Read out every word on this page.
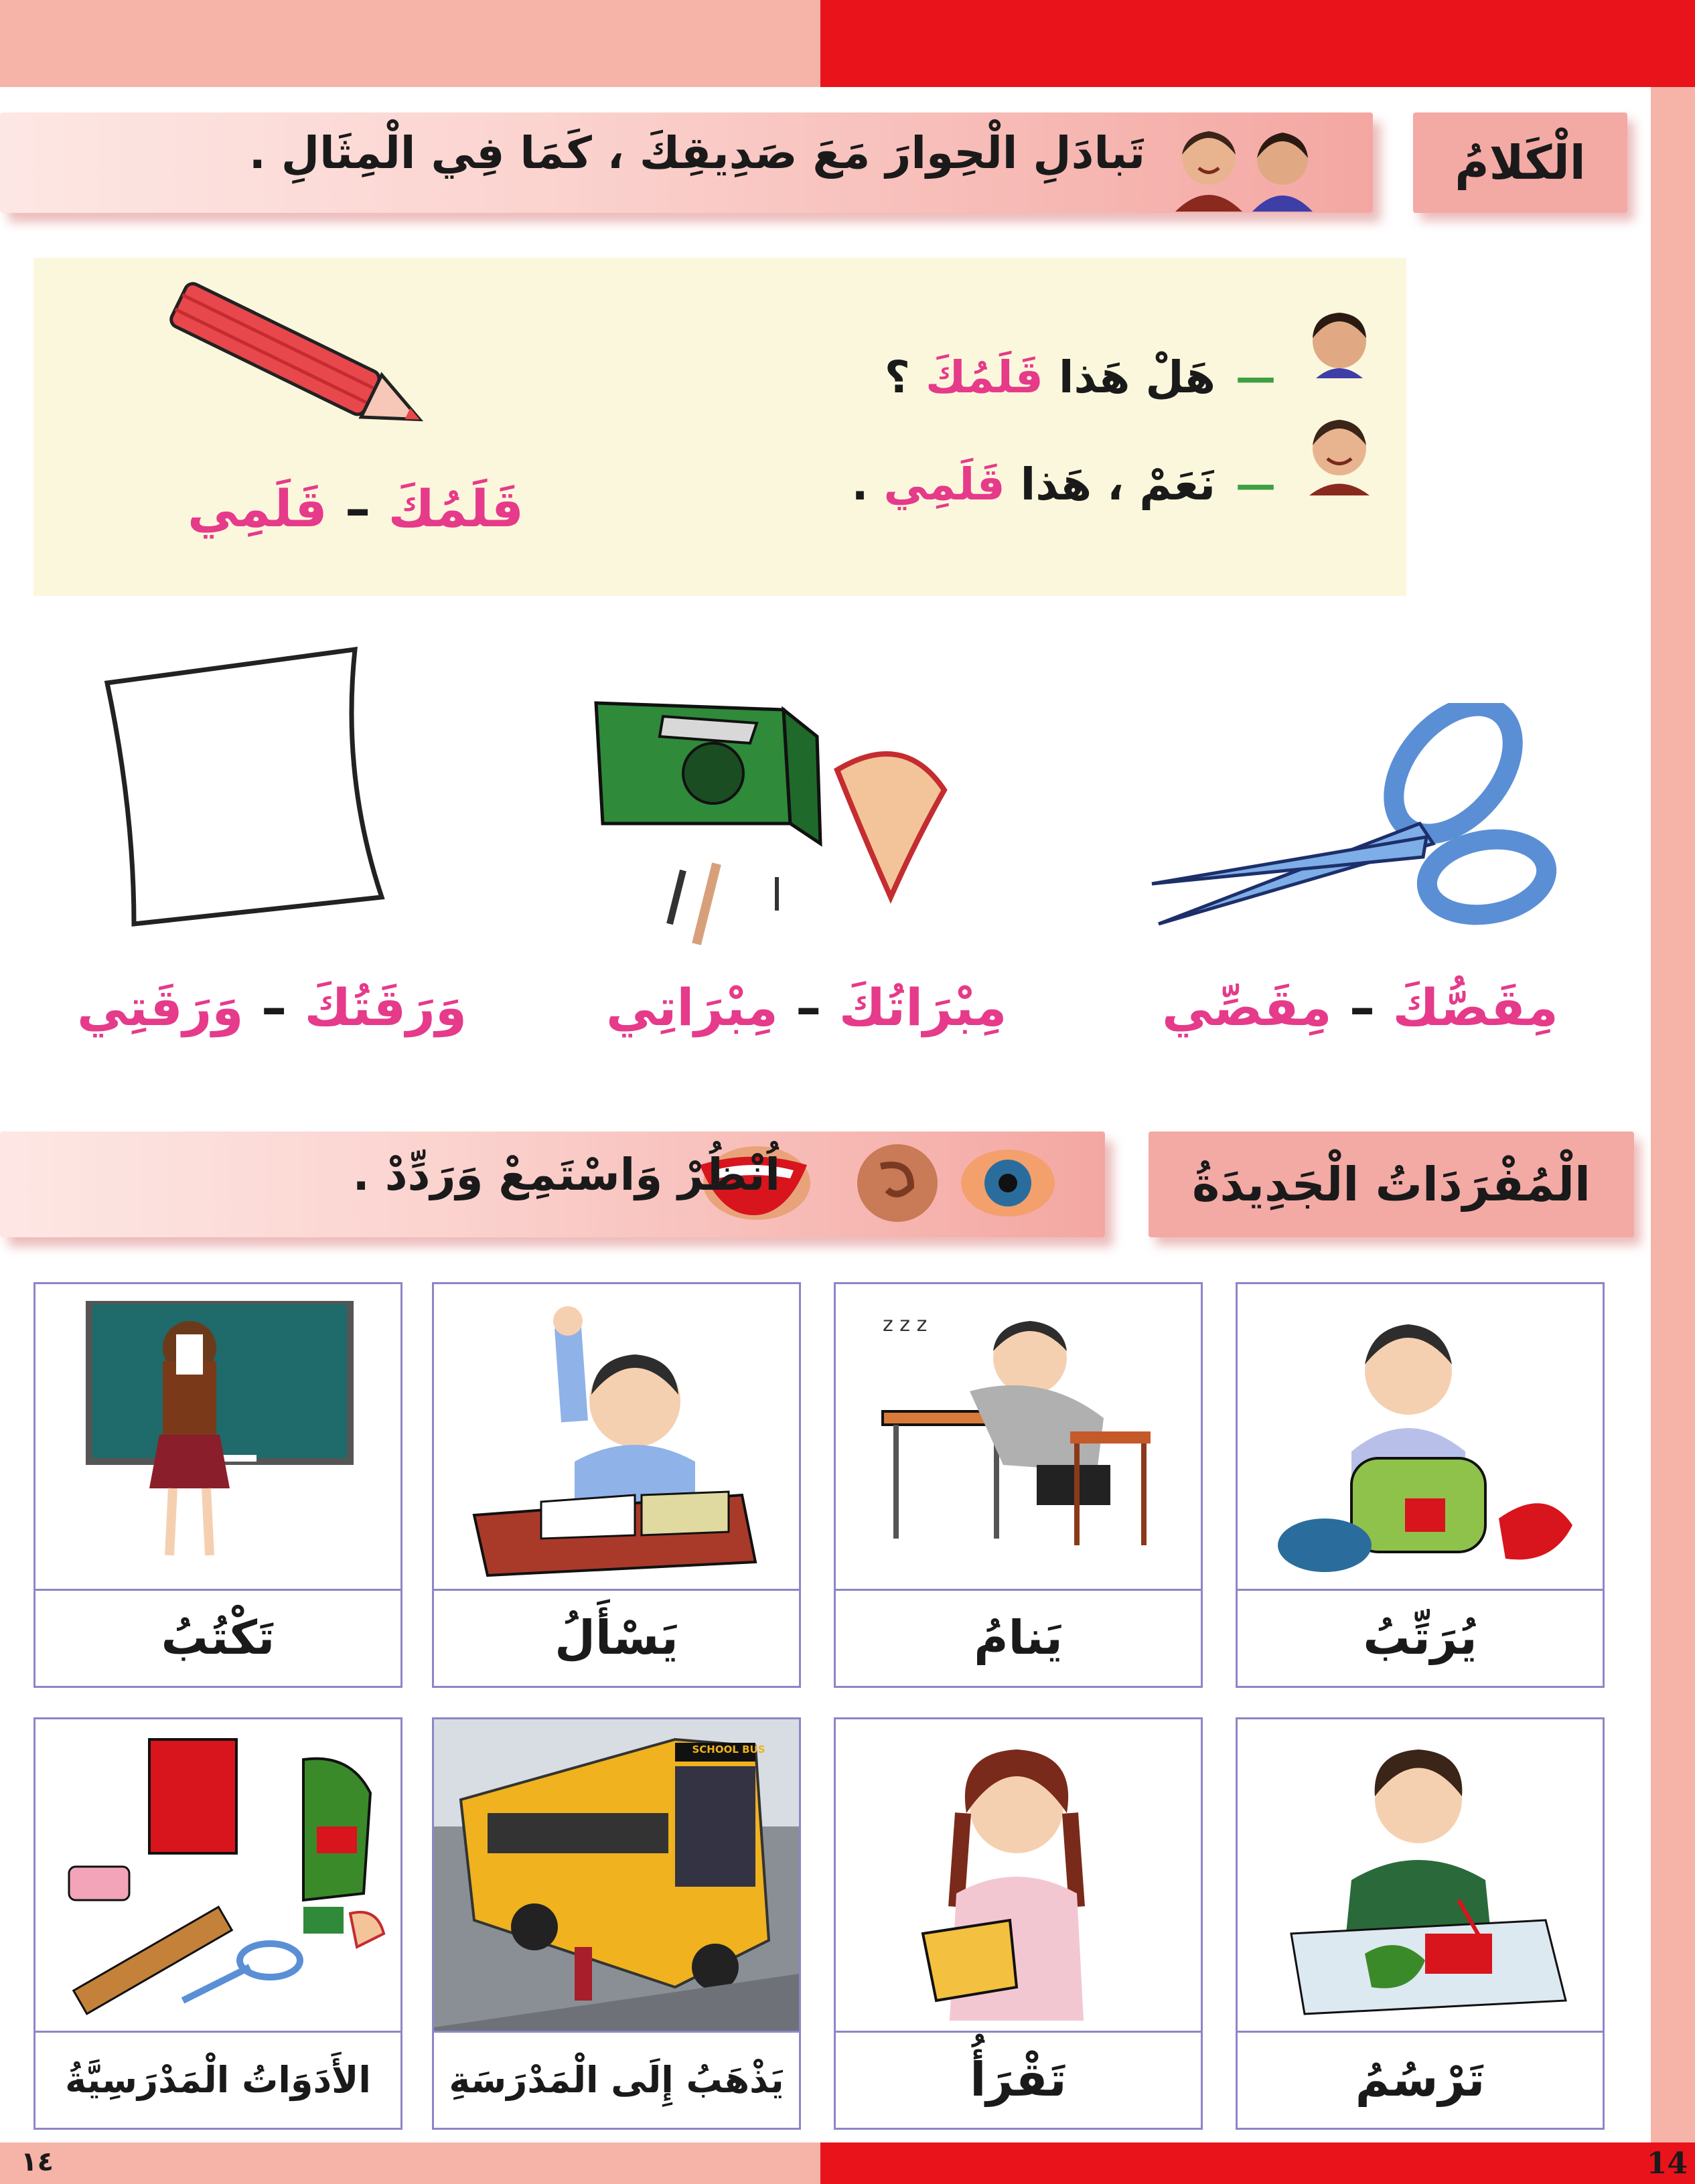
الْكَلامُ
تَبادَلِ الْحِوارَ مَعَ صَدِيقِكَ ، كَمَا فِي الْمِثَالِ .
—
هَلْ هَذا قَلَمُكَ ؟
—
نَعَمْ ، هَذا قَلَمِي .
قَلَمُكَ – قَلَمِي
مِقَصُّكَ – مِقَصِّي
مِبْرَاتُكَ – مِبْرَاتِي
وَرَقَتُكَ – وَرَقَتِي
الْمُفْرَدَاتُ الْجَدِيدَةُ
اُنْظُرْ وَاسْتَمِعْ وَرَدِّدْ .
يُرَتِّبُ
z z z
يَنامُ
يَسْأَلُ
تَكْتُبُ
تَرْسُمُ
تَقْرَأُ
SCHOOL BUS
يَذْهَبُ إِلَى الْمَدْرَسَةِ
الأَدَوَاتُ الْمَدْرَسِيَّةُ
14
١٤
